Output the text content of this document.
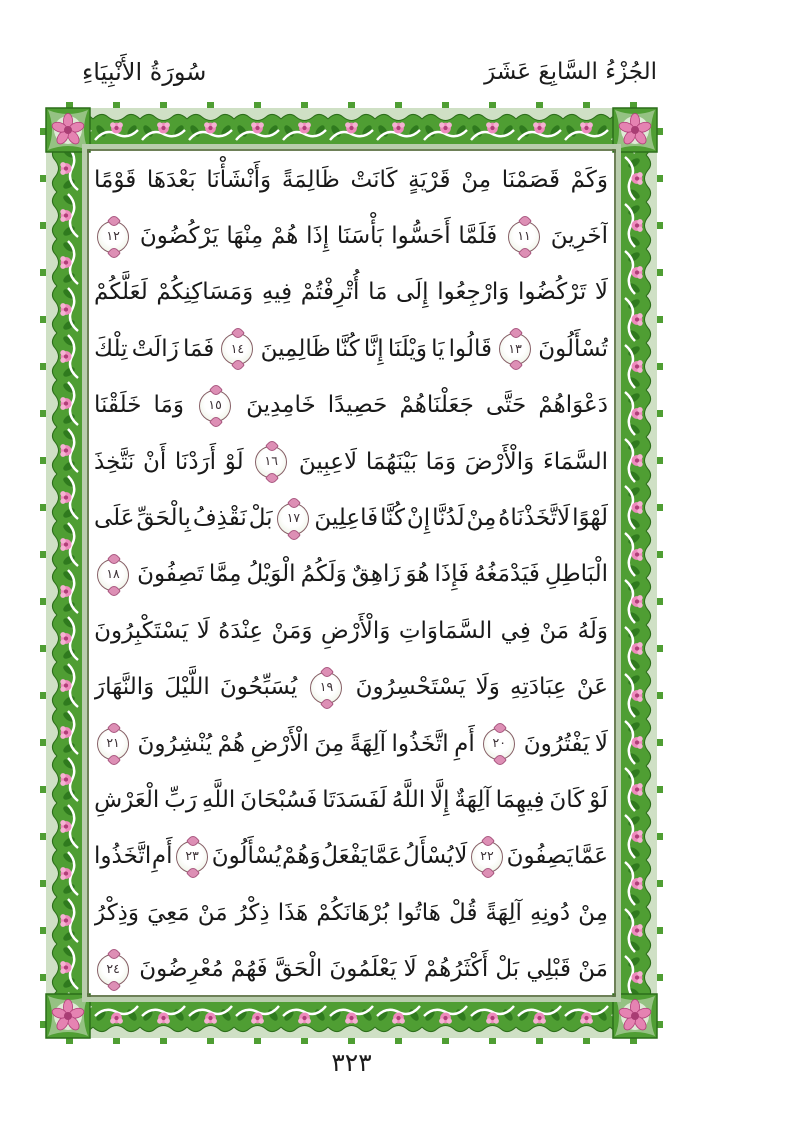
سُورَةُ الأَنْبِيَاءِ	الجُزْءُ السَّابِعَ عَشَرَ
وَكَمْ
قَصَمْنَا
مِنْ
قَرْيَةٍ
كَانَتْ
ظَالِمَةً
وَأَنْشَأْنَا
بَعْدَهَا
قَوْمًا
آخَرِينَ
١١
فَلَمَّا
أَحَسُّوا
بَأْسَنَا
إِذَا
هُمْ
مِنْهَا
يَرْكُضُونَ
١٢
لَا
تَرْكُضُوا
وَارْجِعُوا
إِلَى
مَا
أُتْرِفْتُمْ
فِيهِ
وَمَسَاكِنِكُمْ
لَعَلَّكُمْ
تُسْأَلُونَ
١٣
قَالُوا
يَا
وَيْلَنَا
إِنَّا
كُنَّا
ظَالِمِينَ
١٤
فَمَا
زَالَتْ
تِلْكَ
دَعْوَاهُمْ
حَتَّى
جَعَلْنَاهُمْ
حَصِيدًا
خَامِدِينَ
١٥
وَمَا
خَلَقْنَا
السَّمَاءَ
وَالْأَرْضَ
وَمَا
بَيْنَهُمَا
لَاعِبِينَ
١٦
لَوْ
أَرَدْنَا
أَنْ
نَتَّخِذَ
لَهْوًا
لَاتَّخَذْنَاهُ
مِنْ
لَدُنَّا
إِنْ
كُنَّا
فَاعِلِينَ
١٧
بَلْ
نَقْذِفُ
بِالْحَقِّ
عَلَى
الْبَاطِلِ
فَيَدْمَغُهُ
فَإِذَا
هُوَ
زَاهِقٌ
وَلَكُمُ
الْوَيْلُ
مِمَّا
تَصِفُونَ
١٨
وَلَهُ
مَنْ
فِي
السَّمَاوَاتِ
وَالْأَرْضِ
وَمَنْ
عِنْدَهُ
لَا
يَسْتَكْبِرُونَ
عَنْ
عِبَادَتِهِ
وَلَا
يَسْتَحْسِرُونَ
١٩
يُسَبِّحُونَ
اللَّيْلَ
وَالنَّهَارَ
لَا
يَفْتُرُونَ
٢٠
أَمِ
اتَّخَذُوا
آلِهَةً
مِنَ
الْأَرْضِ
هُمْ
يُنْشِرُونَ
٢١
لَوْ
كَانَ
فِيهِمَا
آلِهَةٌ
إِلَّا
اللَّهُ
لَفَسَدَتَا
فَسُبْحَانَ
اللَّهِ
رَبِّ
الْعَرْشِ
عَمَّا
يَصِفُونَ
٢٢
لَا
يُسْأَلُ
عَمَّا
يَفْعَلُ
وَهُمْ
يُسْأَلُونَ
٢٣
أَمِ
اتَّخَذُوا
مِنْ
دُونِهِ
آلِهَةً
قُلْ
هَاتُوا
بُرْهَانَكُمْ
هَذَا
ذِكْرُ
مَنْ
مَعِيَ
وَذِكْرُ
مَنْ
قَبْلِي
بَلْ
أَكْثَرُهُمْ
لَا
يَعْلَمُونَ
الْحَقَّ
فَهُمْ
مُعْرِضُونَ
٢٤
٣٢٣
